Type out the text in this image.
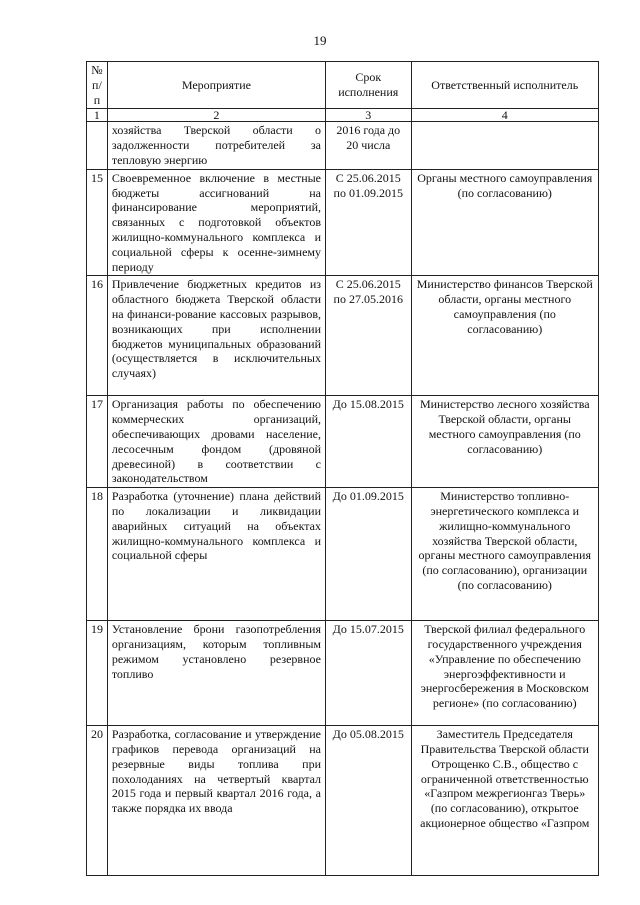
19
№ п/п	Мероприятие	Срок исполнения	Ответственный исполнитель
1	2	3	4
	хозяйства Тверской области о задолженности потребителей за тепловую энергию	2016 года до 20 числа	
15	Своевременное включение в местные бюджеты ассигнований на финансирование мероприятий, связанных с подготовкой объектов жилищно-коммунального комплекса и социальной сферы к осенне-зимнему периоду	С 25.06.2015 по 01.09.2015	Органы местного самоуправления (по согласованию)
16	Привлечение бюджетных кредитов из областного бюджета Тверской области на финанси-рование кассовых разрывов, возникающих при исполнении бюджетов муниципальных образований (осуществляется в исключительных случаях)	С 25.06.2015 по 27.05.2016	Министерство финансов Тверской области, органы местного самоуправления (по согласованию)
17	Организация работы по обеспечению коммерческих организаций, обеспечивающих дровами население, лесосечным фондом (дровяной древесиной) в соответствии с законодательством	До 15.08.2015	Министерство лесного хозяйства Тверской области, органы местного самоуправления (по согласованию)
18	Разработка (уточнение) плана действий по локализации и ликвидации аварийных ситуаций на объектах жилищно-коммунального комплекса и социальной сферы	До 01.09.2015	Министерство топливно-энергетического комплекса и жилищно-коммунального хозяйства Тверской области, органы местного самоуправления (по согласованию), организации (по согласованию)
19	Установление брони газопотребления организациям, которым топливным режимом установлено резервное топливо	До 15.07.2015	Тверской филиал федерального государственного учреждения «Управление по обеспечению энергоэффективности и энергосбережения в Московском регионе» (по согласованию)
20	Разработка, согласование и утверждение графиков перевода организаций на резервные виды топлива при похолоданиях на четвертый квартал 2015 года и первый квартал 2016 года, а также порядка их ввода	До 05.08.2015	Заместитель Председателя Правительства Тверской области Отрощенко С.В., общество с ограниченной ответственностью «Газпром межрегионгаз Тверь» (по согласованию), открытое акционерное общество «Газпром
